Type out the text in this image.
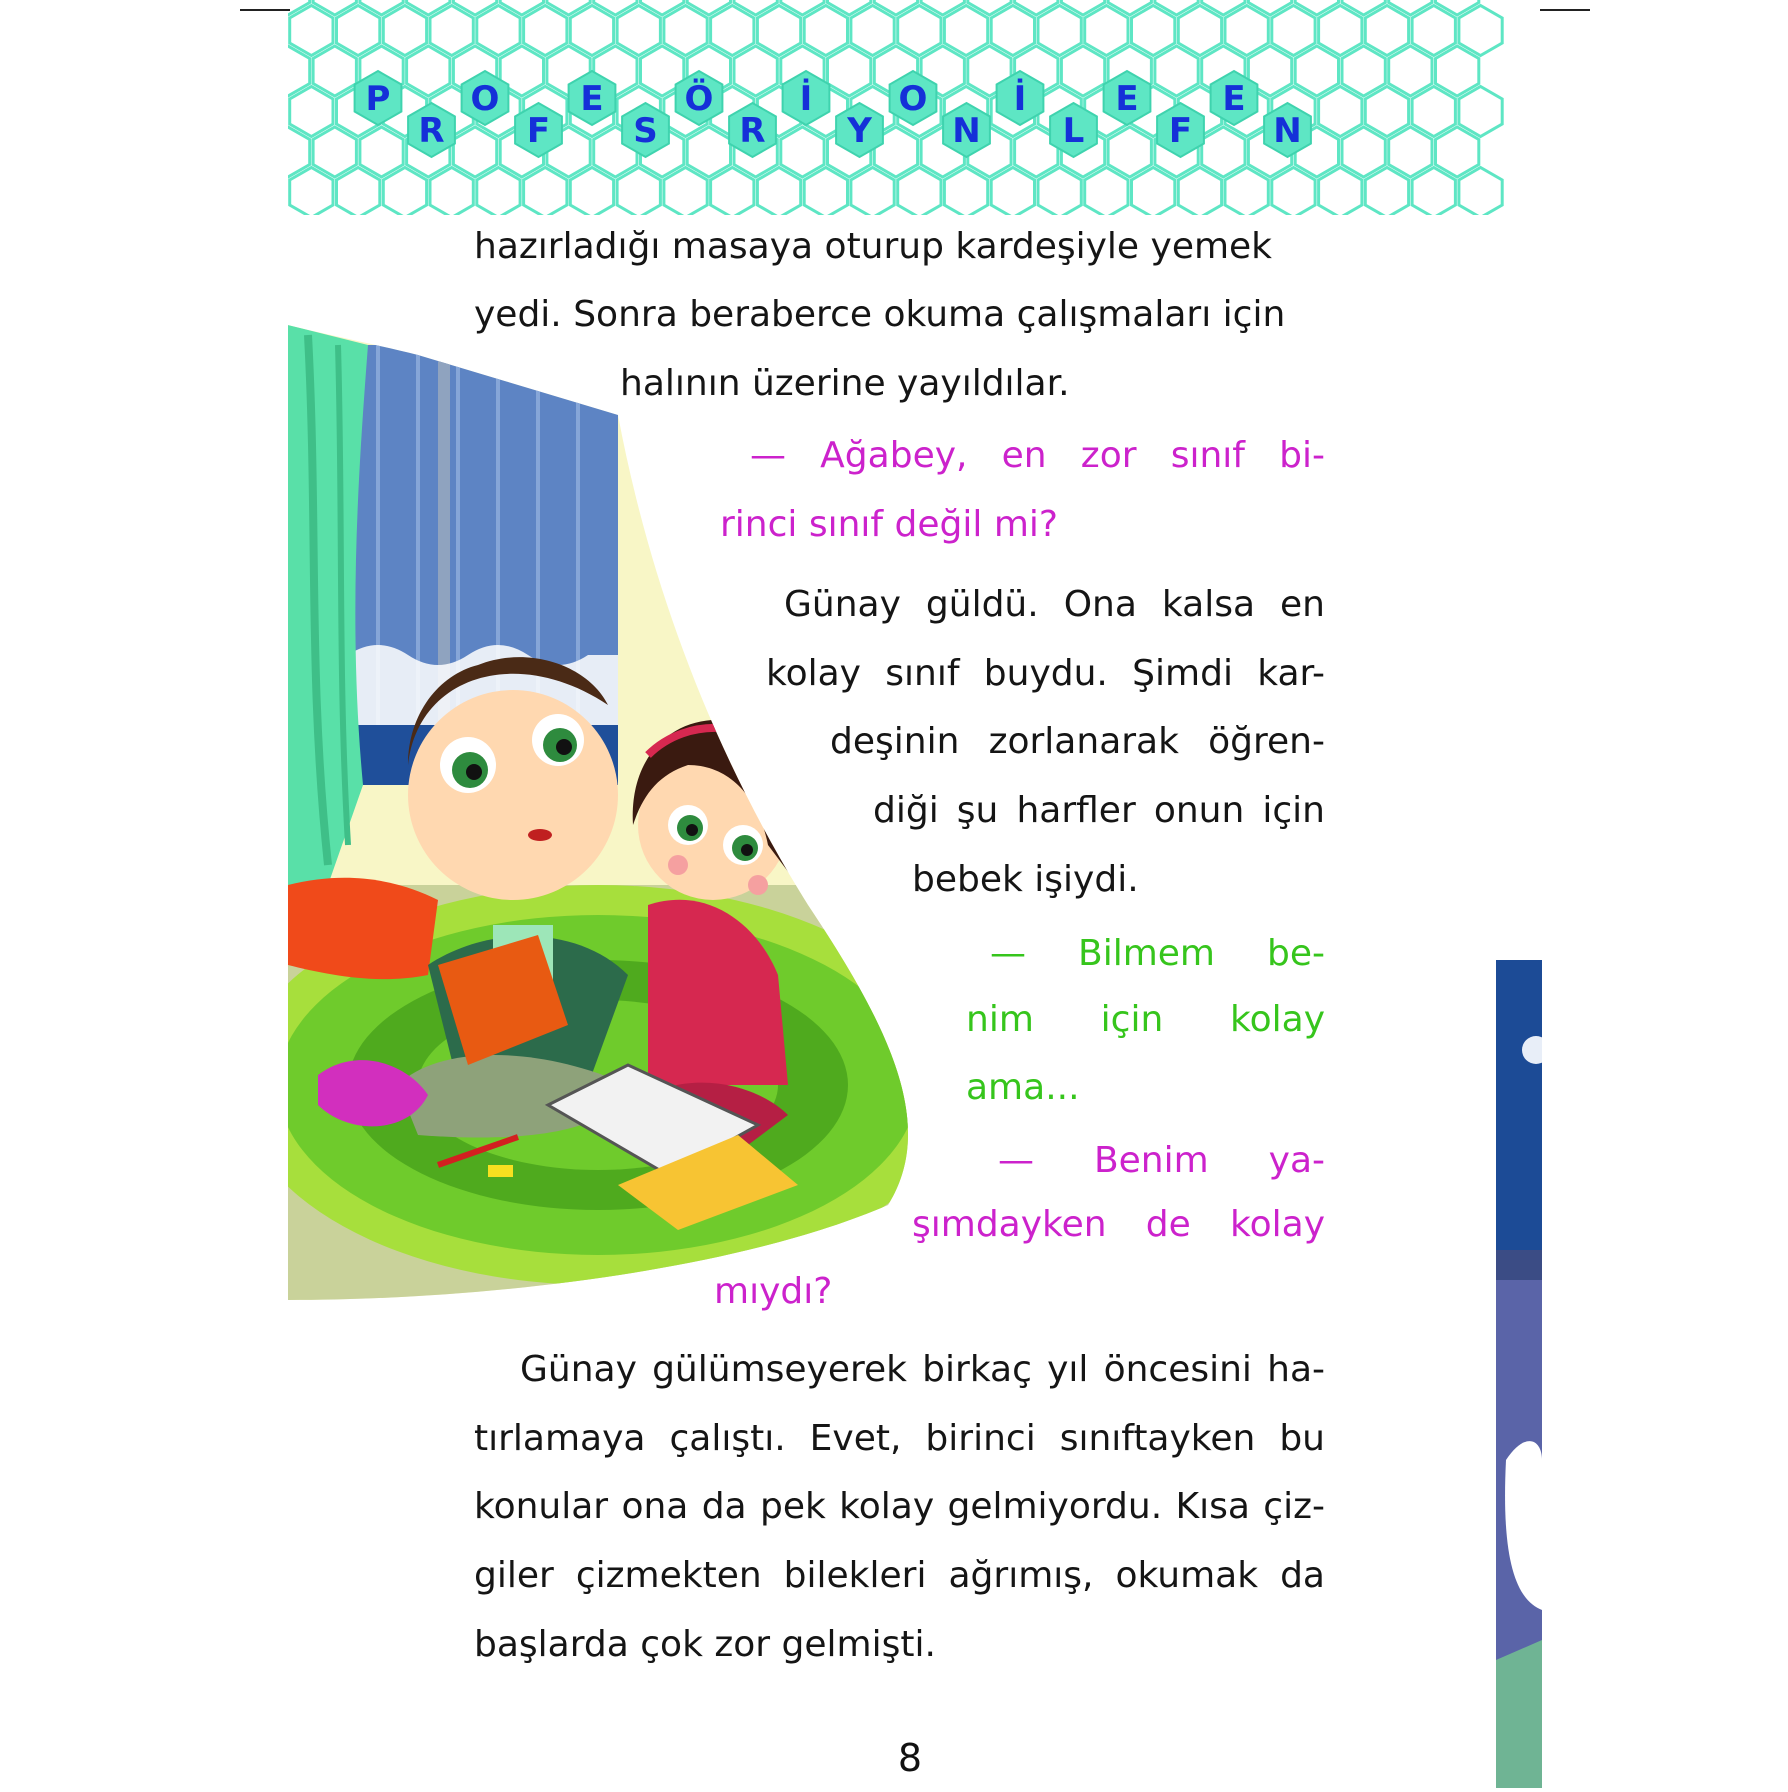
P
R
O
F
E
S
Ö
R
İ
Y
O
N
İ
L
E
F
E
N
hazırladığı masaya oturup kardeşiyle yemek
yedi. Sonra beraberce okuma çalışmaları için
halının üzerine yayıldılar.
— Ağabey, en zor sınıf bi-
rinci sınıf değil mi?
Günay güldü. Ona kalsa en
kolay sınıf buydu. Şimdi kar-
deşinin zorlanarak öğren-
diği şu harfler onun için
bebek işiydi.
— Bilmem be-
nim için kolay
ama...
— Benim ya-
şımdayken de kolay
mıydı?
Günay gülümseyerek birkaç yıl öncesini ha-
tırlamaya çalıştı. Evet, birinci sınıftayken bu
konular ona da pek kolay gelmiyordu. Kısa çiz-
giler çizmekten bilekleri ağrımış, okumak da
başlarda çok zor gelmişti.
8
